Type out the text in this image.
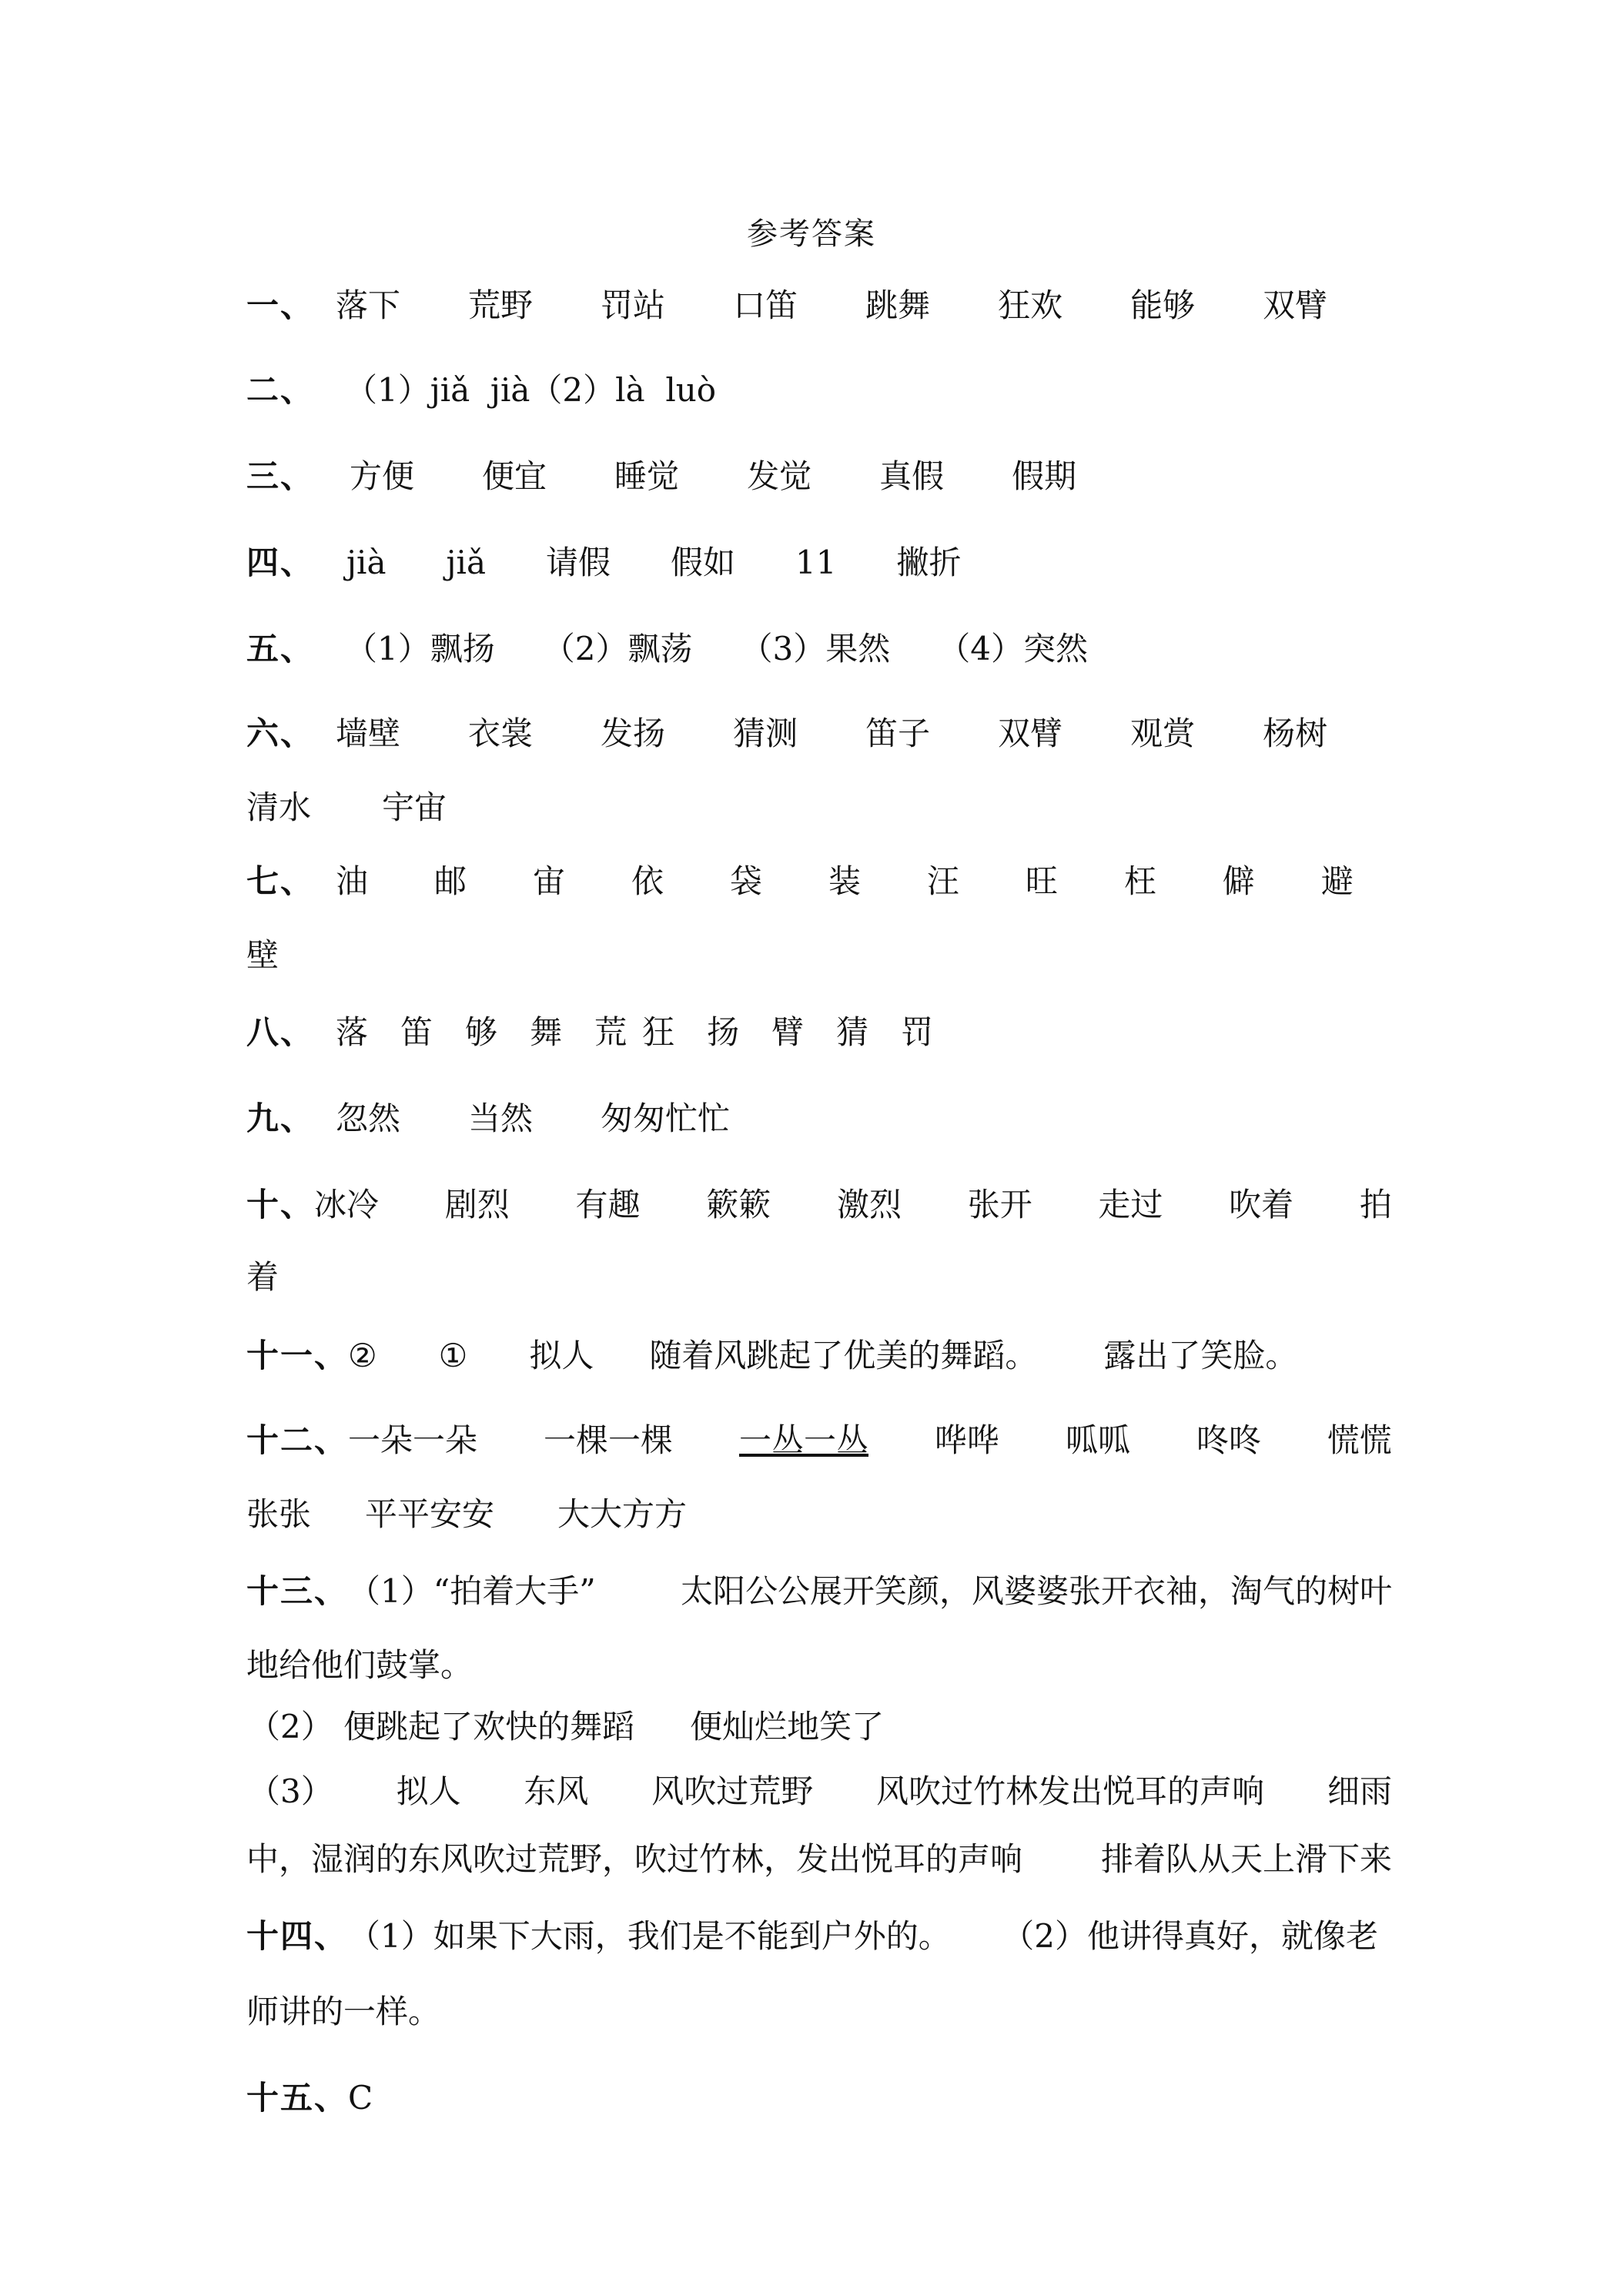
参考答案
一、 落下 荒野 罚站 口笛 跳舞 狂欢 能够 双臂
二、 （1）jiǎ  jià（2）là  luò
三、 方便 便宜 睡觉 发觉 真假 假期
四、 jià jiǎ 请假 假如 11 撇折
五、 （1）飘扬 （2）飘荡 （3）果然 （4）突然
六、 墙壁 衣裳 发扬 猜测 笛子 双臂 观赏 杨树
清水 宇宙
七、 油 邮 宙 依 袋 装 汪 旺 枉 僻 避
壁
八、 落 笛 够 舞 荒 狂 扬 臂 猜 罚
九、 忽然 当然 匆匆忙忙
十、 冰冷 剧烈 有趣 簌簌 激烈 张开 走过 吹着 拍
着
十一、② ① 拟人 随着风跳起了优美的舞蹈。 露出了笑脸。
十二、 一朵一朵 一棵一棵 一丛一丛 哗哗 呱呱 咚咚 慌慌
张张 平平安安 大大方方
十三、 （1）“拍着大手”	太阳公公展开笑颜，风婆婆张开衣袖，淘气的树叶
地给他们鼓掌。
（2） 便跳起了欢快的舞蹈 便灿烂地笑了
（3） 拟人 东风 风吹过荒野 风吹过竹林发出悦耳的声响 细雨
中，湿润的东风吹过荒野，吹过竹林，发出悦耳的声响 排着队从天上滑下来
十四、 （1）如果下大雨，我们是不能到户外的。 （2）他讲得真好，就像老
师讲的一样。
十五、C
